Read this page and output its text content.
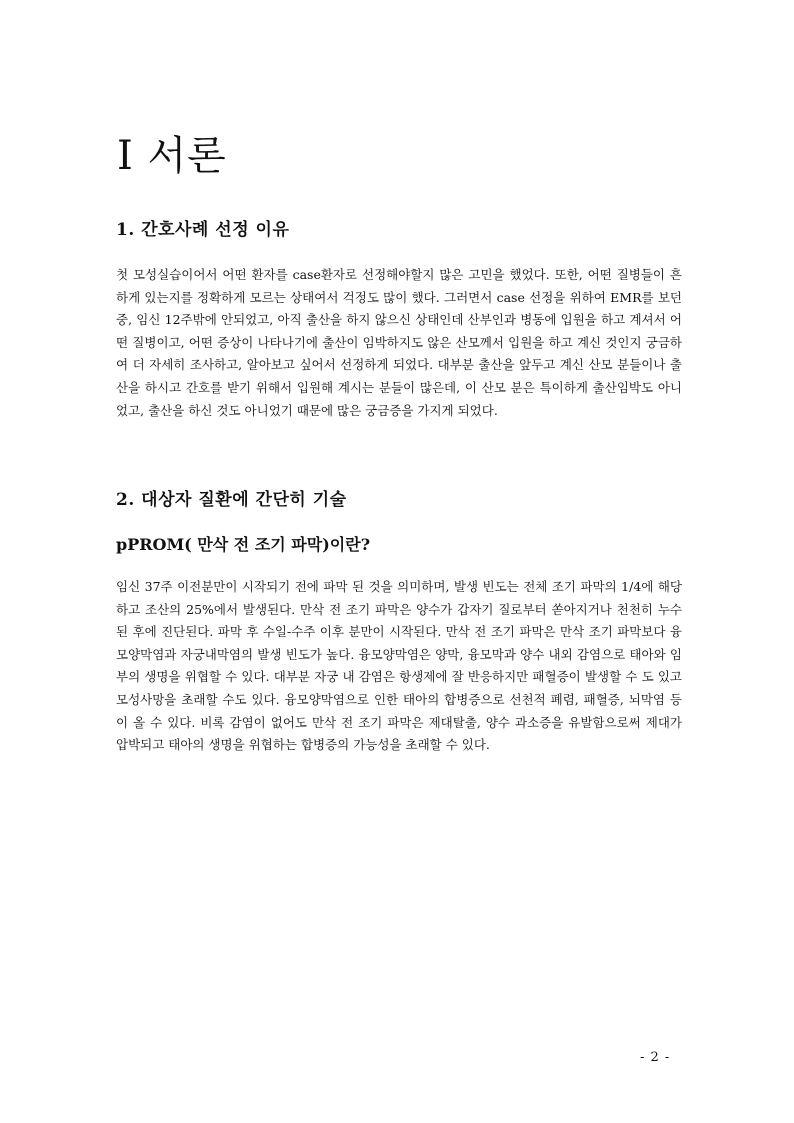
Ⅰ 서론
1. 간호사례 선정 이유

첫 모성실습이어서 어떤 환자를 case환자로 선정해야할지 많은 고민을 했었다. 또한, 어떤 질병들이 흔하게 있는지를 정확하게 모르는 상태여서 걱정도 많이 했다. 그러면서 case 선정을 위하여 EMR를 보던 중, 임신 12주밖에 안되었고, 아직 출산을 하지 않으신 상태인데 산부인과 병동에 입원을 하고 계셔서 어떤 질병이고, 어떤 증상이 나타나기에 출산이 임박하지도 않은 산모께서 입원을 하고 계신 것인지 궁금하여 더 자세히 조사하고, 알아보고 싶어서 선정하게 되었다. 대부분 출산을 앞두고 계신 산모 분들이나 출산을 하시고 간호를 받기 위해서 입원해 계시는 분들이 많은데, 이 산모 분은 특이하게 출산임박도 아니었고, 출산을 하신 것도 아니었기 때문에 많은 궁금증을 가지게 되었다.

2. 대상자 질환에 간단히 기술
pPROM( 만삭 전 조기 파막)이란?

임신 37주 이전분만이 시작되기 전에 파막 된 것을 의미하며, 발생 빈도는 전체 조기 파막의 1/4에 해당하고 조산의 25%에서 발생된다. 만삭 전 조기 파막은 양수가 갑자기 질로부터 쏟아지거나 천천히 누수 된 후에 진단된다. 파막 후 수일-수주 이후 분만이 시작된다. 만삭 전 조기 파막은 만삭 조기 파막보다 융모양막염과 자궁내막염의 발생 빈도가 높다. 융모양막염은 양막, 융모막과 양수 내외 감염으로 태아와 임부의 생명을 위협할 수 있다. 대부분 자궁 내 감염은 항생제에 잘 반응하지만 패혈증이 발생할 수 도 있고 모성사망을 초래할 수도 있다. 융모양막염으로 인한 태아의 합병증으로 선천적 폐렴, 패혈증, 뇌막염 등이 올 수 있다. 비록 감염이 없어도 만삭 전 조기 파막은 제대탈출, 양수 과소증을 유발함으로써 제대가 압박되고 태아의 생명을 위협하는 합병증의 가능성을 초래할 수 있다.

- 2 -
